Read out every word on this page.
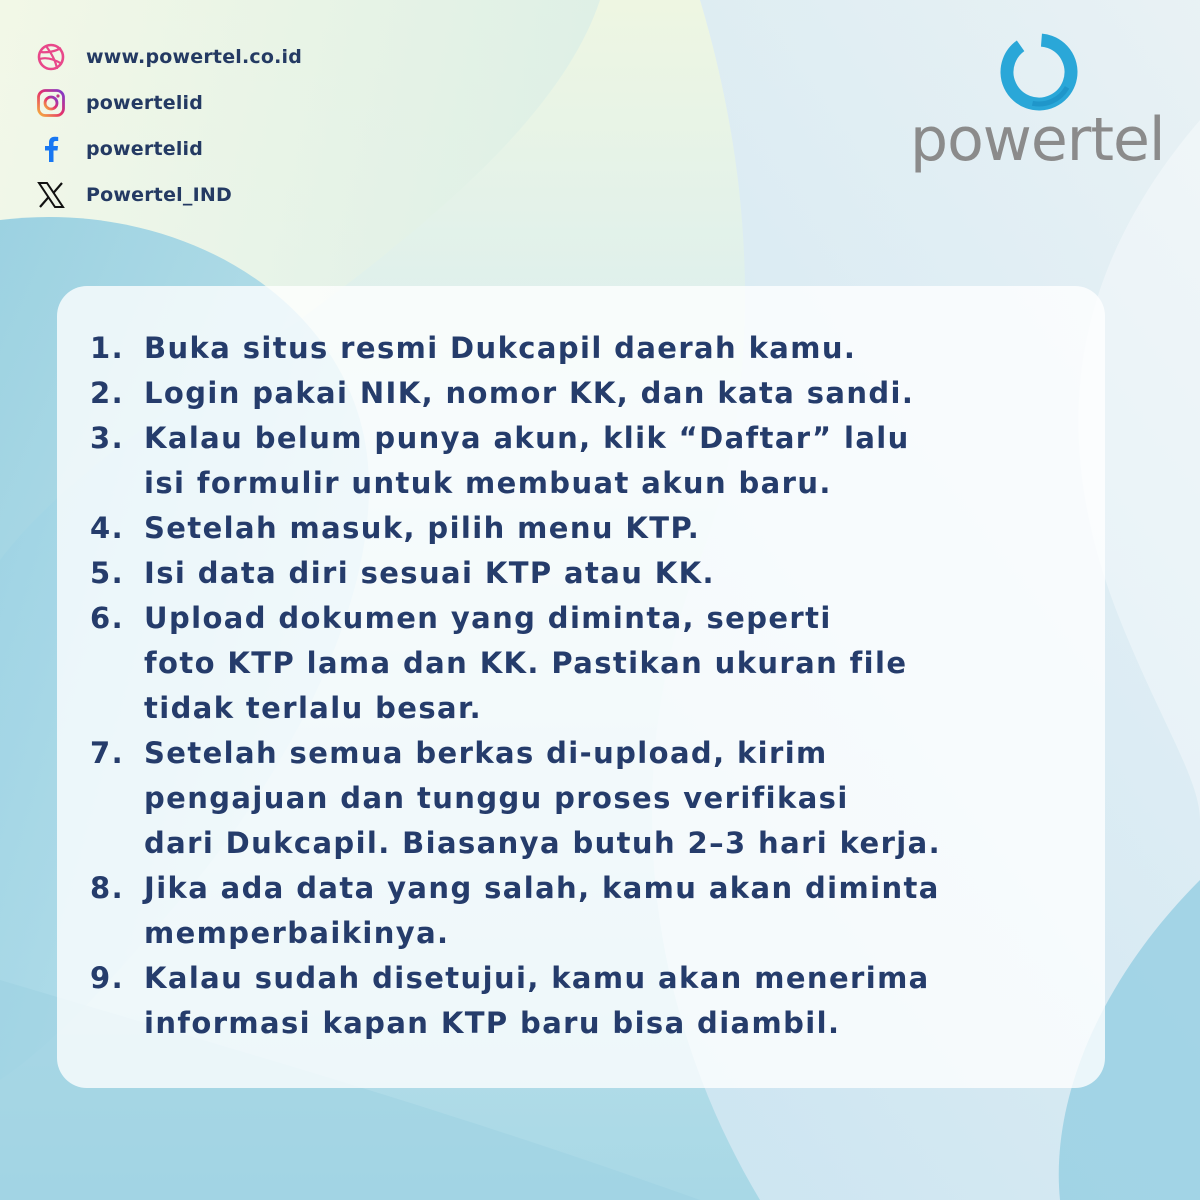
www.powertel.co.id
powertelid
powertelid
Powertel_IND
powertel
1. Buka situs resmi Dukcapil daerah kamu.
2. Login pakai NIK, nomor KK, dan kata sandi.
3. Kalau belum punya akun, klik “Daftar” lalu
isi formulir untuk membuat akun baru.
4. Setelah masuk, pilih menu KTP.
5. Isi data diri sesuai KTP atau KK.
6. Upload dokumen yang diminta, seperti
foto KTP lama dan KK. Pastikan ukuran file
tidak terlalu besar.
7. Setelah semua berkas di-upload, kirim
pengajuan dan tunggu proses verifikasi
dari Dukcapil. Biasanya butuh 2–3 hari kerja.
8. Jika ada data yang salah, kamu akan diminta
memperbaikinya.
9. Kalau sudah disetujui, kamu akan menerima
informasi kapan KTP baru bisa diambil.
